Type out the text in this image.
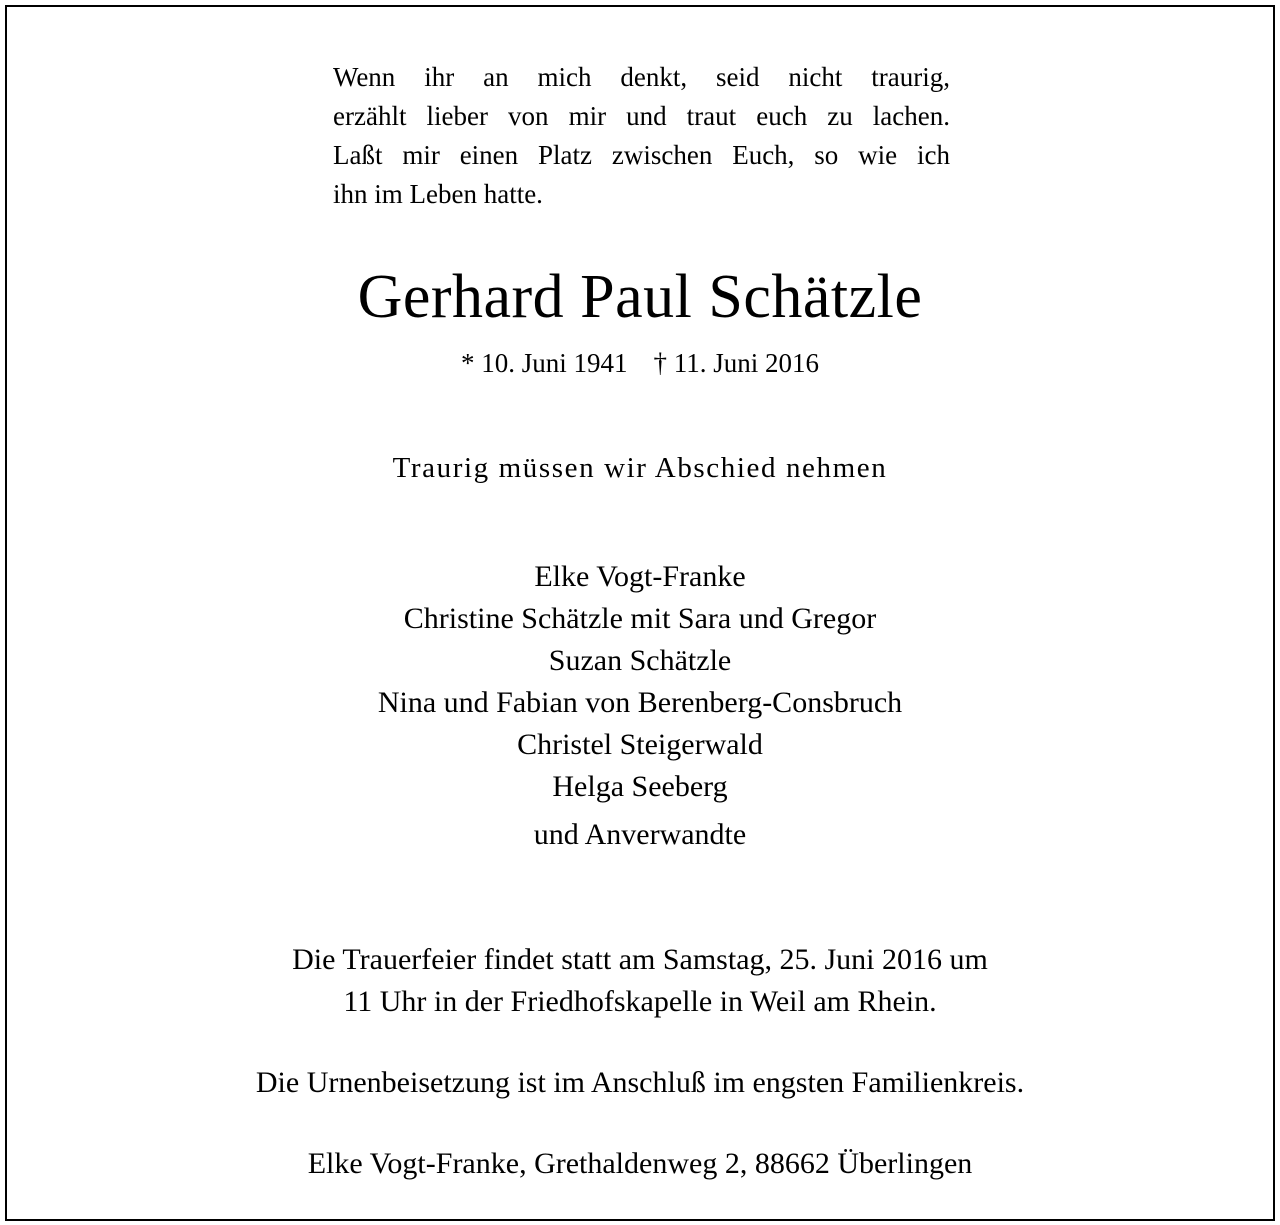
Wenn ihr an mich denkt, seid nicht traurig,
erzählt lieber von mir und traut euch zu lachen.
Laßt mir einen Platz zwischen Euch, so wie ich
ihn im Leben hatte.
Gerhard Paul Schätzle
* 10. Juni 1941 † 11. Juni 2016
Traurig müssen wir Abschied nehmen
Elke Vogt-Franke
Christine Schätzle mit Sara und Gregor
Suzan Schätzle
Nina und Fabian von Berenberg-Consbruch
Christel Steigerwald
Helga Seeberg
und Anverwandte
Die Trauerfeier findet statt am Samstag, 25. Juni 2016 um
11 Uhr in der Friedhofskapelle in Weil am Rhein.
Die Urnenbeisetzung ist im Anschluß im engsten Familienkreis.
Elke Vogt-Franke, Grethaldenweg 2, 88662 Überlingen
